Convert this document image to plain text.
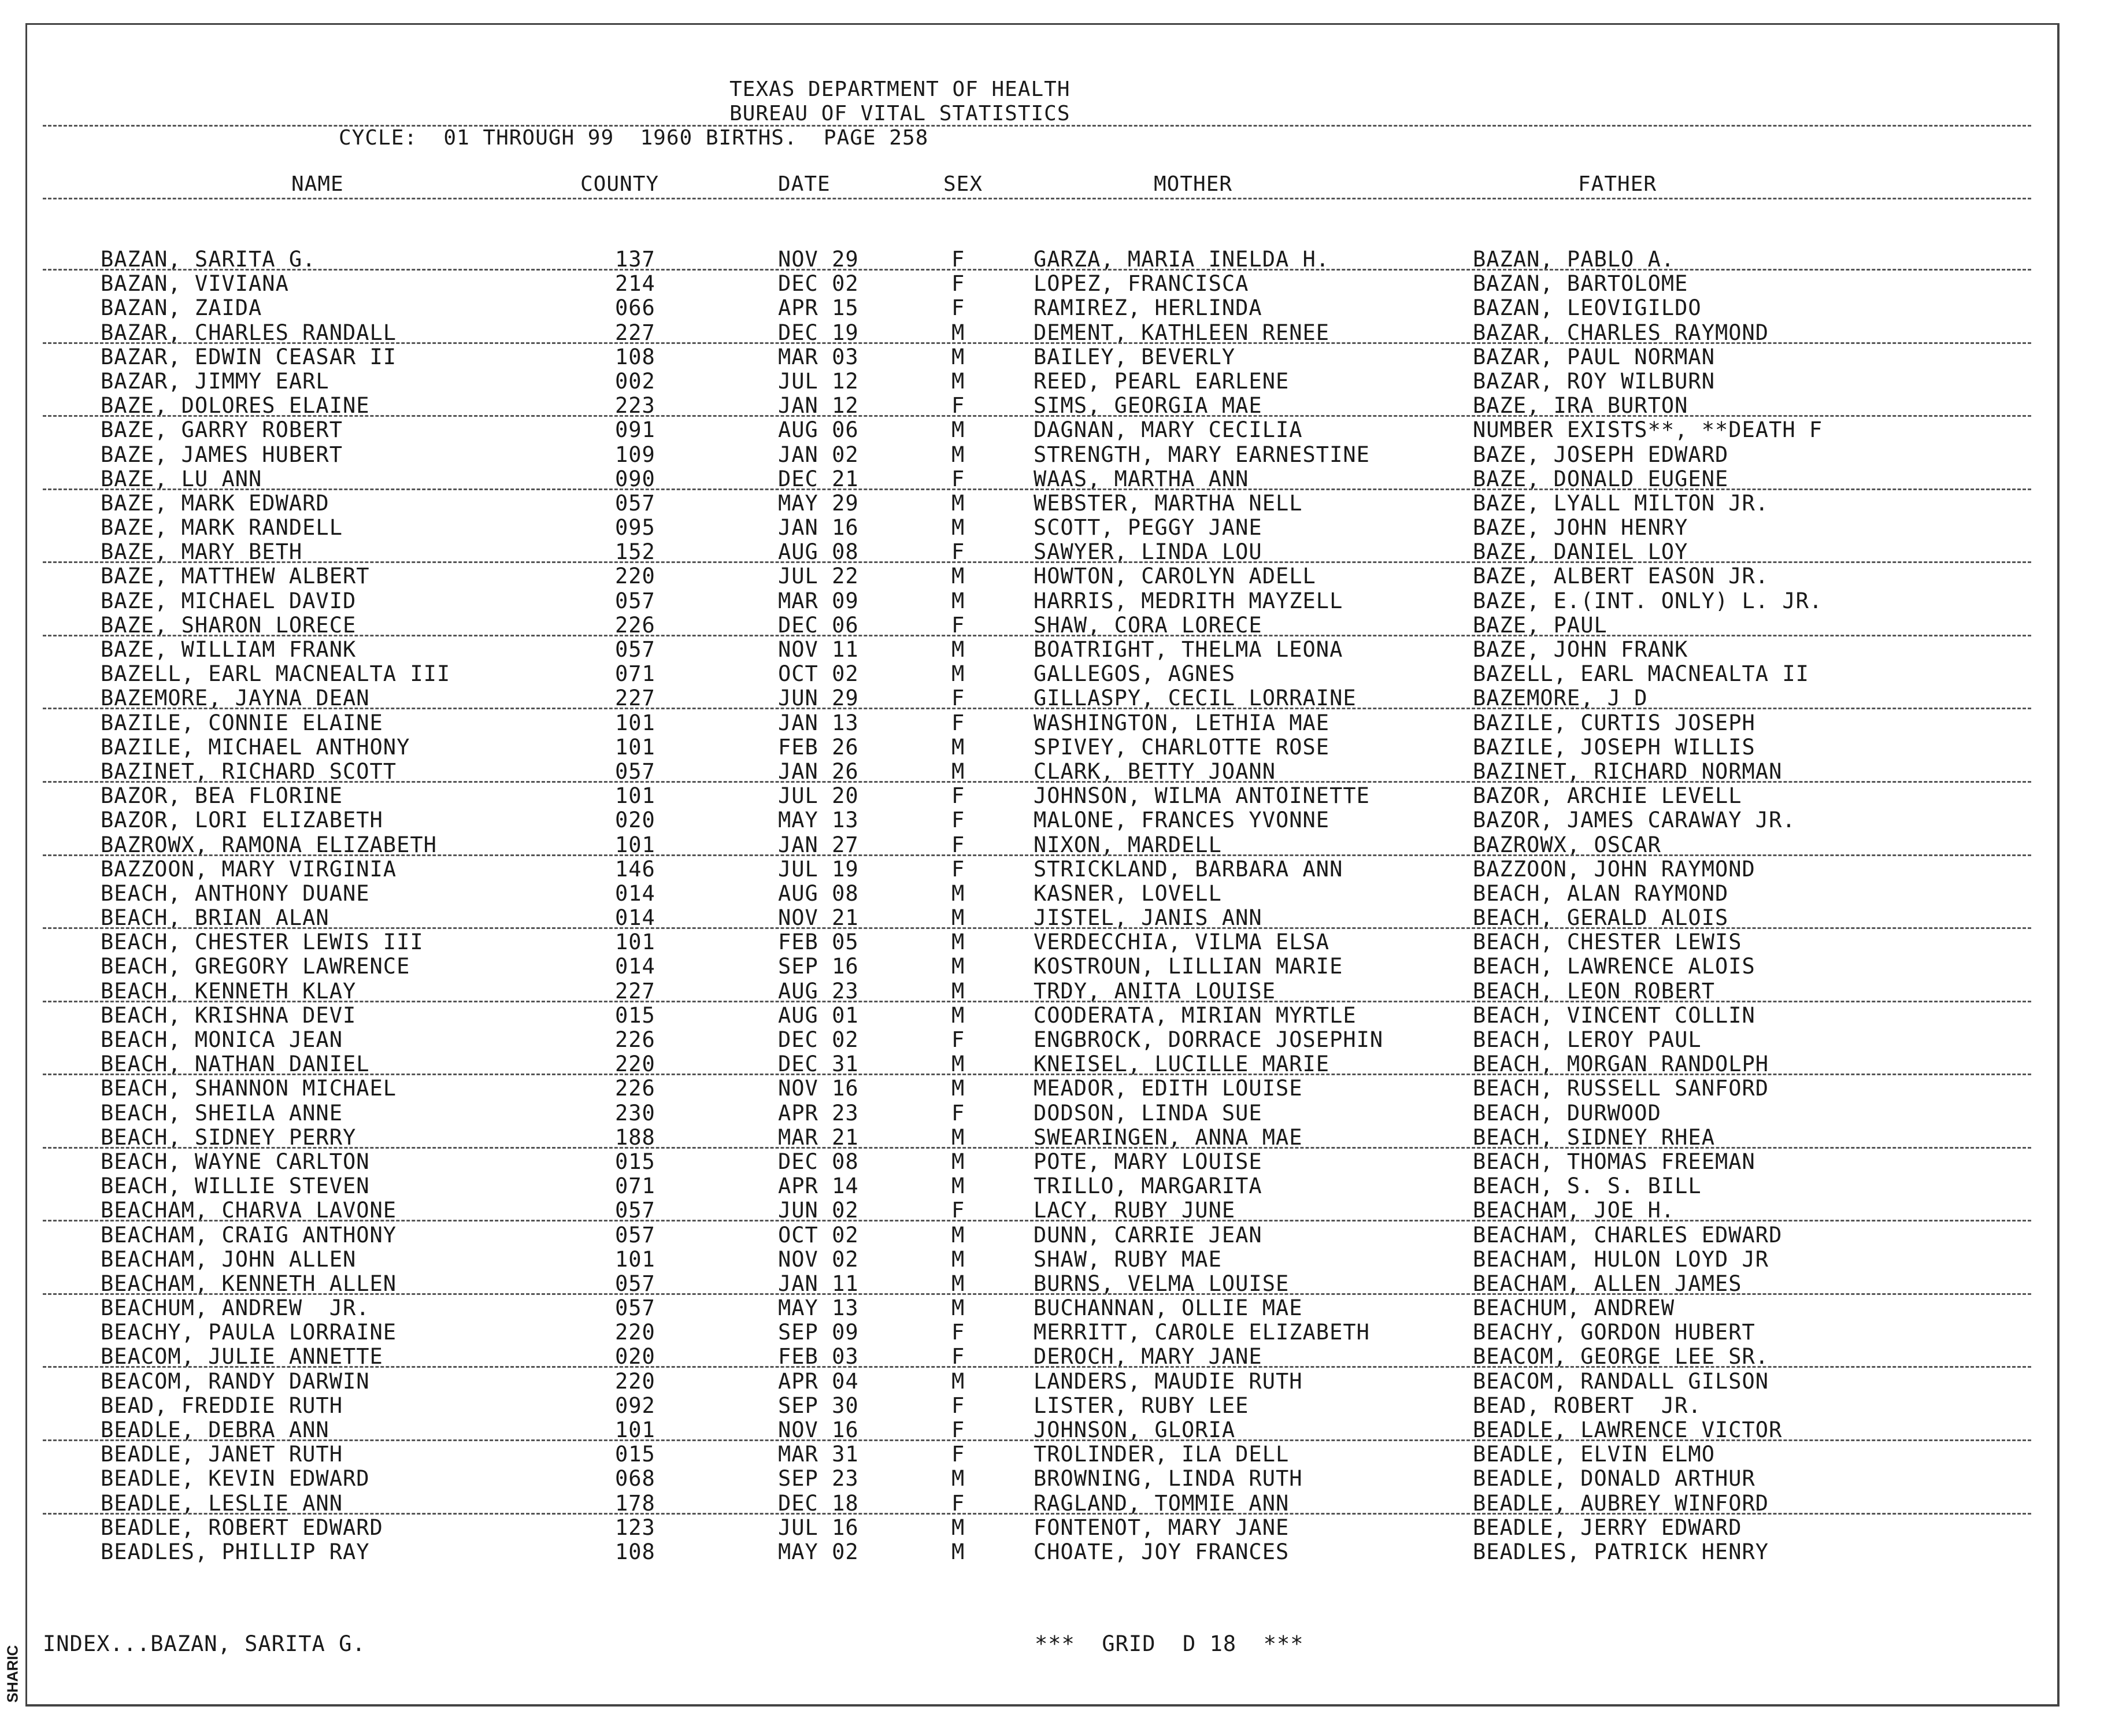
TEXAS DEPARTMENT OF HEALTH
BUREAU OF VITAL STATISTICS
CYCLE:  01 THROUGH 99  1960 BIRTHS.  PAGE 258
NAME	COUNTY	DATE	SEX	MOTHER	FATHER
BAZAN, SARITA G.	137	NOV 29	F	GARZA, MARIA INELDA H.	BAZAN, PABLO A.
BAZAN, VIVIANA	214	DEC 02	F	LOPEZ, FRANCISCA	BAZAN, BARTOLOME
BAZAN, ZAIDA	066	APR 15	F	RAMIREZ, HERLINDA	BAZAN, LEOVIGILDO
BAZAR, CHARLES RANDALL	227	DEC 19	M	DEMENT, KATHLEEN RENEE	BAZAR, CHARLES RAYMOND
BAZAR, EDWIN CEASAR II	108	MAR 03	M	BAILEY, BEVERLY	BAZAR, PAUL NORMAN
BAZAR, JIMMY EARL	002	JUL 12	M	REED, PEARL EARLENE	BAZAR, ROY WILBURN
BAZE, DOLORES ELAINE	223	JAN 12	F	SIMS, GEORGIA MAE	BAZE, IRA BURTON
BAZE, GARRY ROBERT	091	AUG 06	M	DAGNAN, MARY CECILIA	NUMBER EXISTS**, **DEATH F
BAZE, JAMES HUBERT	109	JAN 02	M	STRENGTH, MARY EARNESTINE	BAZE, JOSEPH EDWARD
BAZE, LU ANN	090	DEC 21	F	WAAS, MARTHA ANN	BAZE, DONALD EUGENE
BAZE, MARK EDWARD	057	MAY 29	M	WEBSTER, MARTHA NELL	BAZE, LYALL MILTON JR.
BAZE, MARK RANDELL	095	JAN 16	M	SCOTT, PEGGY JANE	BAZE, JOHN HENRY
BAZE, MARY BETH	152	AUG 08	F	SAWYER, LINDA LOU	BAZE, DANIEL LOY
BAZE, MATTHEW ALBERT	220	JUL 22	M	HOWTON, CAROLYN ADELL	BAZE, ALBERT EASON JR.
BAZE, MICHAEL DAVID	057	MAR 09	M	HARRIS, MEDRITH MAYZELL	BAZE, E.(INT. ONLY) L. JR.
BAZE, SHARON LORECE	226	DEC 06	F	SHAW, CORA LORECE	BAZE, PAUL
BAZE, WILLIAM FRANK	057	NOV 11	M	BOATRIGHT, THELMA LEONA	BAZE, JOHN FRANK
BAZELL, EARL MACNEALTA III	071	OCT 02	M	GALLEGOS, AGNES	BAZELL, EARL MACNEALTA II
BAZEMORE, JAYNA DEAN	227	JUN 29	F	GILLASPY, CECIL LORRAINE	BAZEMORE, J D
BAZILE, CONNIE ELAINE	101	JAN 13	F	WASHINGTON, LETHIA MAE	BAZILE, CURTIS JOSEPH
BAZILE, MICHAEL ANTHONY	101	FEB 26	M	SPIVEY, CHARLOTTE ROSE	BAZILE, JOSEPH WILLIS
BAZINET, RICHARD SCOTT	057	JAN 26	M	CLARK, BETTY JOANN	BAZINET, RICHARD NORMAN
BAZOR, BEA FLORINE	101	JUL 20	F	JOHNSON, WILMA ANTOINETTE	BAZOR, ARCHIE LEVELL
BAZOR, LORI ELIZABETH	020	MAY 13	F	MALONE, FRANCES YVONNE	BAZOR, JAMES CARAWAY JR.
BAZROWX, RAMONA ELIZABETH	101	JAN 27	F	NIXON, MARDELL	BAZROWX, OSCAR
BAZZOON, MARY VIRGINIA	146	JUL 19	F	STRICKLAND, BARBARA ANN	BAZZOON, JOHN RAYMOND
BEACH, ANTHONY DUANE	014	AUG 08	M	KASNER, LOVELL	BEACH, ALAN RAYMOND
BEACH, BRIAN ALAN	014	NOV 21	M	JISTEL, JANIS ANN	BEACH, GERALD ALOIS
BEACH, CHESTER LEWIS III	101	FEB 05	M	VERDECCHIA, VILMA ELSA	BEACH, CHESTER LEWIS
BEACH, GREGORY LAWRENCE	014	SEP 16	M	KOSTROUN, LILLIAN MARIE	BEACH, LAWRENCE ALOIS
BEACH, KENNETH KLAY	227	AUG 23	M	TRDY, ANITA LOUISE	BEACH, LEON ROBERT
BEACH, KRISHNA DEVI	015	AUG 01	M	COODERATA, MIRIAN MYRTLE	BEACH, VINCENT COLLIN
BEACH, MONICA JEAN	226	DEC 02	F	ENGBROCK, DORRACE JOSEPHIN	BEACH, LEROY PAUL
BEACH, NATHAN DANIEL	220	DEC 31	M	KNEISEL, LUCILLE MARIE	BEACH, MORGAN RANDOLPH
BEACH, SHANNON MICHAEL	226	NOV 16	M	MEADOR, EDITH LOUISE	BEACH, RUSSELL SANFORD
BEACH, SHEILA ANNE	230	APR 23	F	DODSON, LINDA SUE	BEACH, DURWOOD
BEACH, SIDNEY PERRY	188	MAR 21	M	SWEARINGEN, ANNA MAE	BEACH, SIDNEY RHEA
BEACH, WAYNE CARLTON	015	DEC 08	M	POTE, MARY LOUISE	BEACH, THOMAS FREEMAN
BEACH, WILLIE STEVEN	071	APR 14	M	TRILLO, MARGARITA	BEACH, S. S. BILL
BEACHAM, CHARVA LAVONE	057	JUN 02	F	LACY, RUBY JUNE	BEACHAM, JOE H.
BEACHAM, CRAIG ANTHONY	057	OCT 02	M	DUNN, CARRIE JEAN	BEACHAM, CHARLES EDWARD
BEACHAM, JOHN ALLEN	101	NOV 02	M	SHAW, RUBY MAE	BEACHAM, HULON LOYD JR
BEACHAM, KENNETH ALLEN	057	JAN 11	M	BURNS, VELMA LOUISE	BEACHAM, ALLEN JAMES
BEACHUM, ANDREW  JR.	057	MAY 13	M	BUCHANNAN, OLLIE MAE	BEACHUM, ANDREW
BEACHY, PAULA LORRAINE	220	SEP 09	F	MERRITT, CAROLE ELIZABETH	BEACHY, GORDON HUBERT
BEACOM, JULIE ANNETTE	020	FEB 03	F	DEROCH, MARY JANE	BEACOM, GEORGE LEE SR.
BEACOM, RANDY DARWIN	220	APR 04	M	LANDERS, MAUDIE RUTH	BEACOM, RANDALL GILSON
BEAD, FREDDIE RUTH	092	SEP 30	F	LISTER, RUBY LEE	BEAD, ROBERT  JR.
BEADLE, DEBRA ANN	101	NOV 16	F	JOHNSON, GLORIA	BEADLE, LAWRENCE VICTOR
BEADLE, JANET RUTH	015	MAR 31	F	TROLINDER, ILA DELL	BEADLE, ELVIN ELMO
BEADLE, KEVIN EDWARD	068	SEP 23	M	BROWNING, LINDA RUTH	BEADLE, DONALD ARTHUR
BEADLE, LESLIE ANN	178	DEC 18	F	RAGLAND, TOMMIE ANN	BEADLE, AUBREY WINFORD
BEADLE, ROBERT EDWARD	123	JUL 16	M	FONTENOT, MARY JANE	BEADLE, JERRY EDWARD
BEADLES, PHILLIP RAY	108	MAY 02	M	CHOATE, JOY FRANCES	BEADLES, PATRICK HENRY
INDEX...BAZAN, SARITA G.	***  GRID  D 18  ***
SHARIC
